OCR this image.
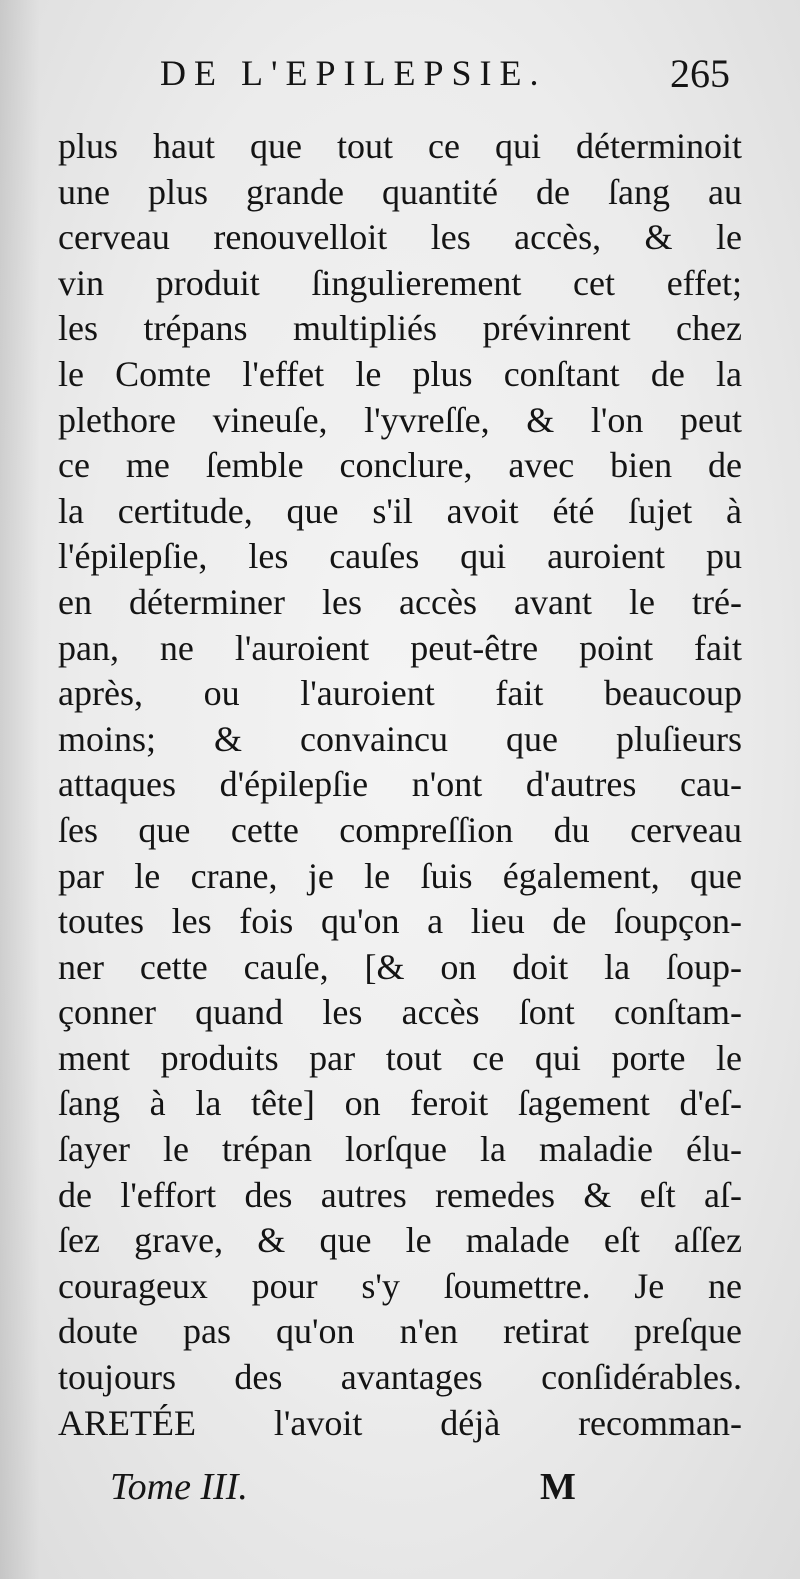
DE L'EPILEPSIE.	265
plus haut que tout ce qui déterminoit
une plus grande quantité de ſang au
cerveau renouvelloit les accès, & le
vin produit ſingulierement cet effet;
les trépans multipliés prévinrent chez
le Comte l'effet le plus conſtant de la
plethore vineuſe, l'yvreſſe, & l'on peut
ce me ſemble conclure, avec bien de
la certitude, que s'il avoit été ſujet à
l'épilepſie, les cauſes qui auroient pu
en déterminer les accès avant le tré-
pan, ne l'auroient peut-être point fait
après, ou l'auroient fait beaucoup
moins; & convaincu que pluſieurs
attaques d'épilepſie n'ont d'autres cau-
ſes que cette compreſſion du cerveau
par le crane, je le ſuis également, que
toutes les fois qu'on a lieu de ſoupçon-
ner cette cauſe, [& on doit la ſoup-
çonner quand les accès ſont conſtam-
ment produits par tout ce qui porte le
ſang à la tête] on feroit ſagement d'eſ-
ſayer le trépan lorſque la maladie élu-
de l'effort des autres remedes & eſt aſ-
ſez grave, & que le malade eſt aſſez
courageux pour s'y ſoumettre. Je ne
doute pas qu'on n'en retirat preſque
toujours des avantages conſidérables.
ARETÉE l'avoit déjà recomman-
Tome III.	M
